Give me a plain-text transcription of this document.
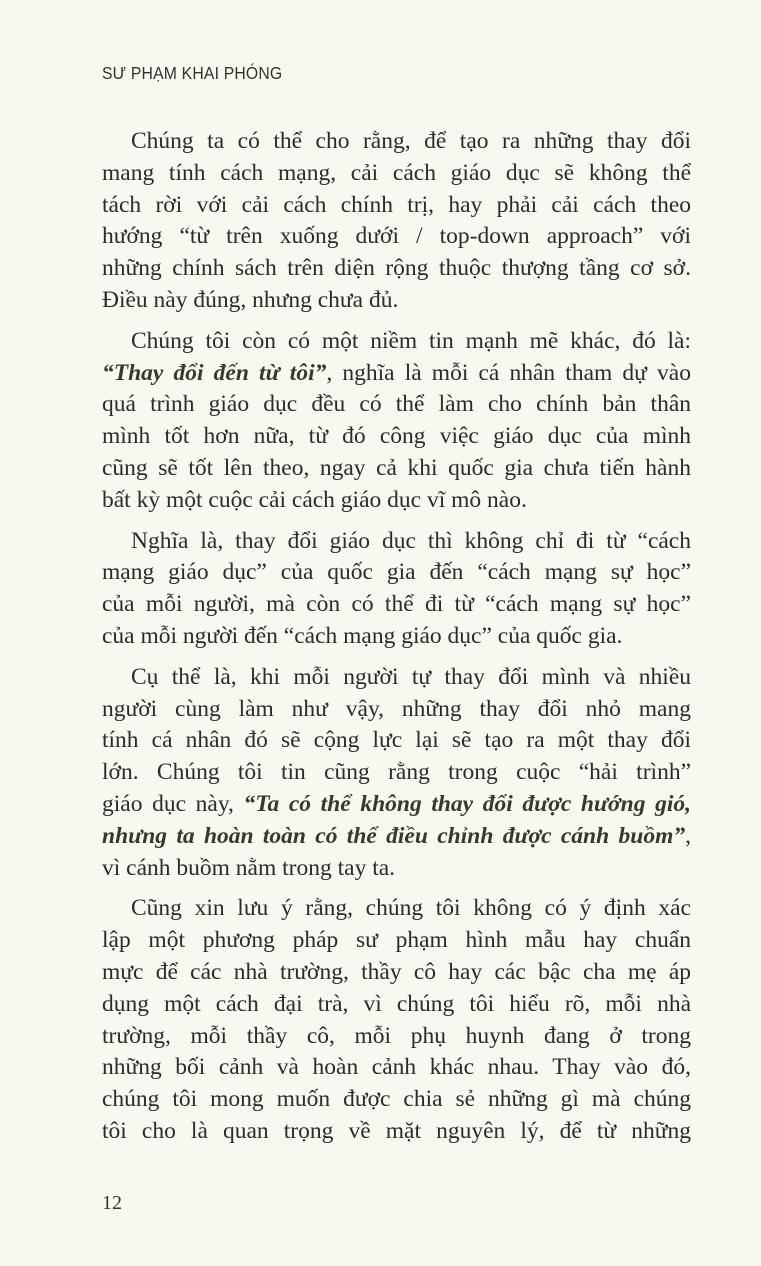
SƯ PHẠM KHAI PHÓNG
Chúng ta có thể cho rằng, để tạo ra những thay đổi
mang tính cách mạng, cải cách giáo dục sẽ không thể
tách rời với cải cách chính trị, hay phải cải cách theo
hướng “từ trên xuống dưới / top-down approach” với
những chính sách trên diện rộng thuộc thượng tầng cơ sở.
Điều này đúng, nhưng chưa đủ.
Chúng tôi còn có một niềm tin mạnh mẽ khác, đó là:
“Thay đổi đến từ tôi”, nghĩa là mỗi cá nhân tham dự vào
quá trình giáo dục đều có thể làm cho chính bản thân
mình tốt hơn nữa, từ đó công việc giáo dục của mình
cũng sẽ tốt lên theo, ngay cả khi quốc gia chưa tiến hành
bất kỳ một cuộc cải cách giáo dục vĩ mô nào.
Nghĩa là, thay đổi giáo dục thì không chỉ đi từ “cách
mạng giáo dục” của quốc gia đến “cách mạng sự học”
của mỗi người, mà còn có thể đi từ “cách mạng sự học”
của mỗi người đến “cách mạng giáo dục” của quốc gia.
Cụ thể là, khi mỗi người tự thay đổi mình và nhiều
người cùng làm như vậy, những thay đổi nhỏ mang
tính cá nhân đó sẽ cộng lực lại sẽ tạo ra một thay đổi
lớn. Chúng tôi tin cũng rằng trong cuộc “hải trình”
giáo dục này, “Ta có thể không thay đổi được hướng gió,
nhưng ta hoàn toàn có thể điều chỉnh được cánh buồm”,
vì cánh buồm nằm trong tay ta.
Cũng xin lưu ý rằng, chúng tôi không có ý định xác
lập một phương pháp sư phạm hình mẫu hay chuẩn
mực để các nhà trường, thầy cô hay các bậc cha mẹ áp
dụng một cách đại trà, vì chúng tôi hiểu rõ, mỗi nhà
trường, mỗi thầy cô, mỗi phụ huynh đang ở trong
những bối cảnh và hoàn cảnh khác nhau. Thay vào đó,
chúng tôi mong muốn được chia sẻ những gì mà chúng
tôi cho là quan trọng về mặt nguyên lý, để từ những
12
